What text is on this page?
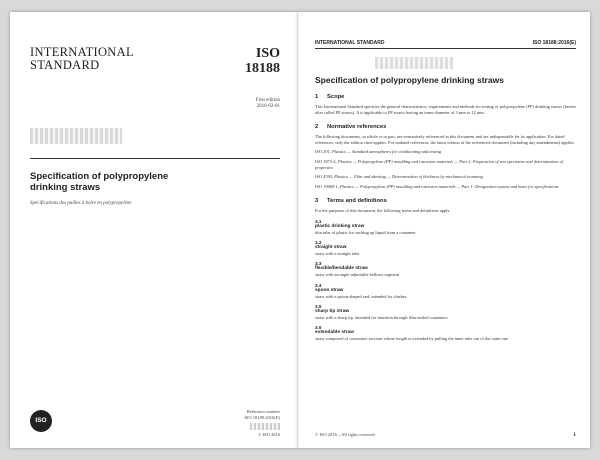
INTERNATIONAL
STANDARD
ISO
18188
First edition
2016-02-01
Specification of polypropylene drinking straws
Spécifications des pailles à boire en polypropylène
ISO
Reference number
ISO 18188:2016(E)
© ISO 2016
INTERNATIONAL STANDARD	ISO 18188:2016(E)
Specification of polypropylene drinking straws
1 Scope
This International Standard specifies the general characteristics, requirements and methods for testing of polypropylene (PP) drinking straws (herein after called PP straws). It is applicable to PP straws having an inner diameter of 3 mm to 12 mm.
2 Normative references
The following documents, in whole or in part, are normatively referenced in this document and are indispensable for its application. For dated references, only the edition cited applies. For undated references, the latest edition of the referenced document (including any amendments) applies.
ISO 291, Plastics — Standard atmospheres for conditioning and testing
ISO 1873-2, Plastics — Polypropylene (PP) moulding and extrusion materials — Part 2: Preparation of test specimens and determination of properties
ISO 4593, Plastics — Film and sheeting — Determination of thickness by mechanical scanning
ISO 19069-1, Plastics — Polypropylene (PP) moulding and extrusion materials — Part 1: Designation system and basis for specifications
3 Terms and definitions
For the purposes of this document, the following terms and definitions apply.
3.1
plastic drinking straw
thin tube of plastic for sucking up liquid from a container
3.2
straight straw
straw with a straight tube
3.3
flexible/bendable straw
straw with an angle-adjustable bellows segment
3.4
spoon straw
straw with a spoon-shaped end, intended for slushes
3.5
sharp tip straw
straw with a sharp tip, intended for insertion through film-sealed containers
3.6
extendable straw
straw composed of concentric sections whose length is extended by pulling the inner tube out of the outer one
© ISO 2016 – All rights reserved	1
